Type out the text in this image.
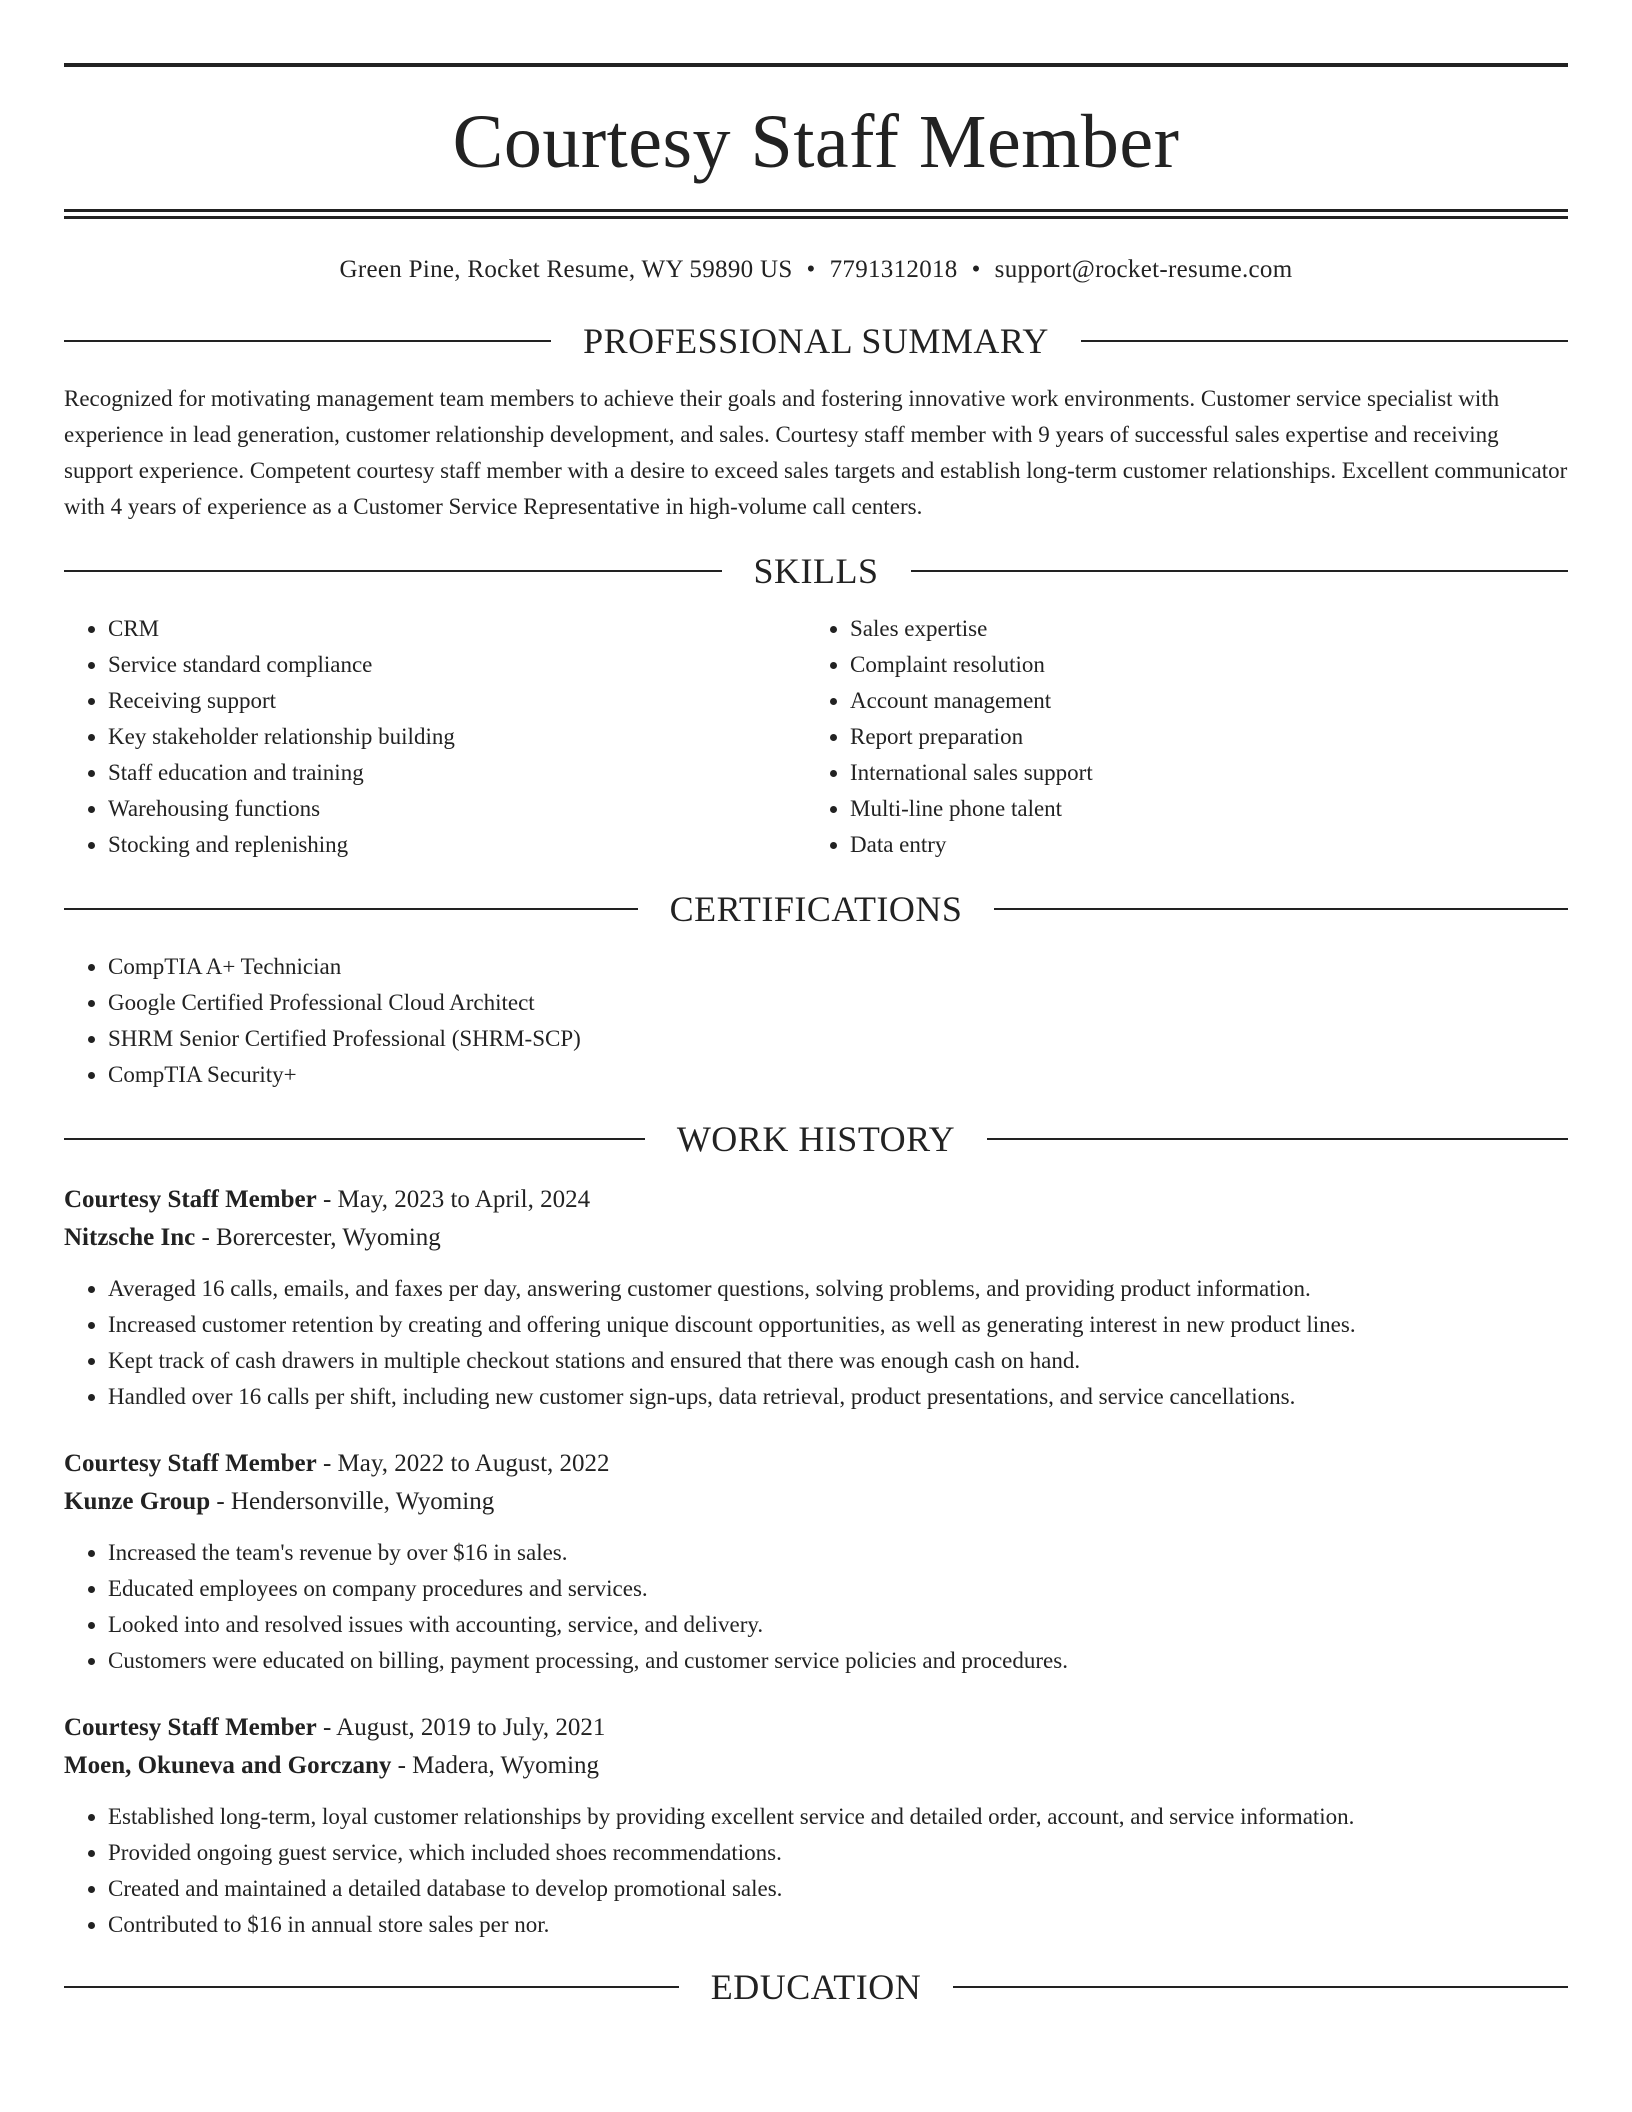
Courtesy Staff Member
Green Pine, Rocket Resume, WY 59890 US • 7791312018 • support@rocket-resume.com
PROFESSIONAL SUMMARY
Recognized for motivating management team members to achieve their goals and fostering innovative work environments. Customer service specialist with experience in lead generation, customer relationship development, and sales. Courtesy staff member with 9 years of successful sales expertise and receiving support experience. Competent courtesy staff member with a desire to exceed sales targets and establish long-term customer relationships. Excellent communicator with 4 years of experience as a Customer Service Representative in high-volume call centers.
SKILLS
• CRM
• Service standard compliance
• Receiving support
• Key stakeholder relationship building
• Staff education and training
• Warehousing functions
• Stocking and replenishing
• Sales expertise
• Complaint resolution
• Account management
• Report preparation
• International sales support
• Multi-line phone talent
• Data entry
CERTIFICATIONS
• CompTIA A+ Technician
• Google Certified Professional Cloud Architect
• SHRM Senior Certified Professional (SHRM-SCP)
• CompTIA Security+
WORK HISTORY
Courtesy Staff Member - May, 2023 to April, 2024
Nitzsche Inc - Borercester, Wyoming
• Averaged 16 calls, emails, and faxes per day, answering customer questions, solving problems, and providing product information.
• Increased customer retention by creating and offering unique discount opportunities, as well as generating interest in new product lines.
• Kept track of cash drawers in multiple checkout stations and ensured that there was enough cash on hand.
• Handled over 16 calls per shift, including new customer sign-ups, data retrieval, product presentations, and service cancellations.
Courtesy Staff Member - May, 2022 to August, 2022
Kunze Group - Hendersonville, Wyoming
• Increased the team's revenue by over $16 in sales.
• Educated employees on company procedures and services.
• Looked into and resolved issues with accounting, service, and delivery.
• Customers were educated on billing, payment processing, and customer service policies and procedures.
Courtesy Staff Member - August, 2019 to July, 2021
Moen, Okuneva and Gorczany - Madera, Wyoming
• Established long-term, loyal customer relationships by providing excellent service and detailed order, account, and service information.
• Provided ongoing guest service, which included shoes recommendations.
• Created and maintained a detailed database to develop promotional sales.
• Contributed to $16 in annual store sales per nor.
EDUCATION
